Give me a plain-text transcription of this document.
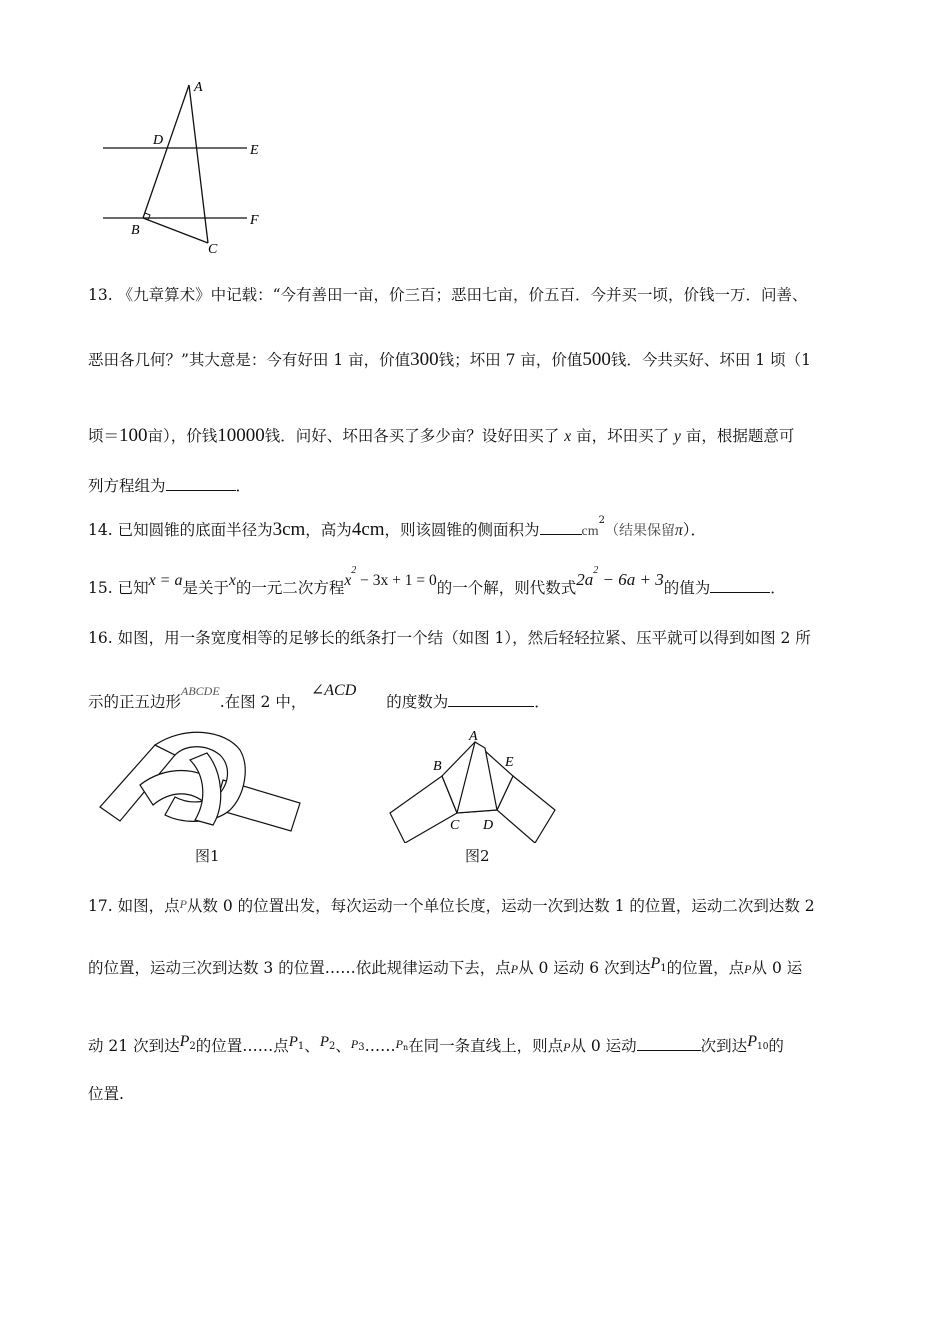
A
D
E
B
F
C
13. 《九章算术》中记载：“今有善田一亩，价三百；恶田七亩，价五百．今并买一顷，价钱一万．问善、
恶田各几何？”其大意是：今有好田 1 亩，价值300钱；坏田 7 亩，价值500钱．今共买好、坏田 1 顷（1
顷＝100亩），价钱10000钱．问好、坏田各买了多少亩？设好田买了 x 亩，坏田买了 y 亩，根据题意可
列方程组为	．
14. 已知圆锥的底面半径为3cm，高为4cm，则该圆锥的侧面积为	$cm^2$（结果保留π）．
15. 已知x = a是关于x的一元二次方程$x^2 - 3x + 1 = 0$的一个解，则代数式$2a^2 - 6a + 3$的值为	．
16. 如图，用一条宽度相等的足够长的纸条打一个结（如图 1），然后轻轻拉紧、压平就可以得到如图 2 所
示的正五边形$^{ABCDE}$.在图 2 中，       ∠ACD的度数为	．
图1
A
B	E
C D
图2
17. 如图，点P从数 0 的位置出发，每次运动一个单位长度，运动一次到达数 1 的位置，运动二次到达数 2
的位置，运动三次到达数 3 的位置……依此规律运动下去，点P从 0 运动 6 次到达P1的位置，点P从 0 运
动 21 次到达P2的位置……点P1、P2、P3……Pn在同一条直线上，则点P从 0 运动	次到达P10的
位置.
